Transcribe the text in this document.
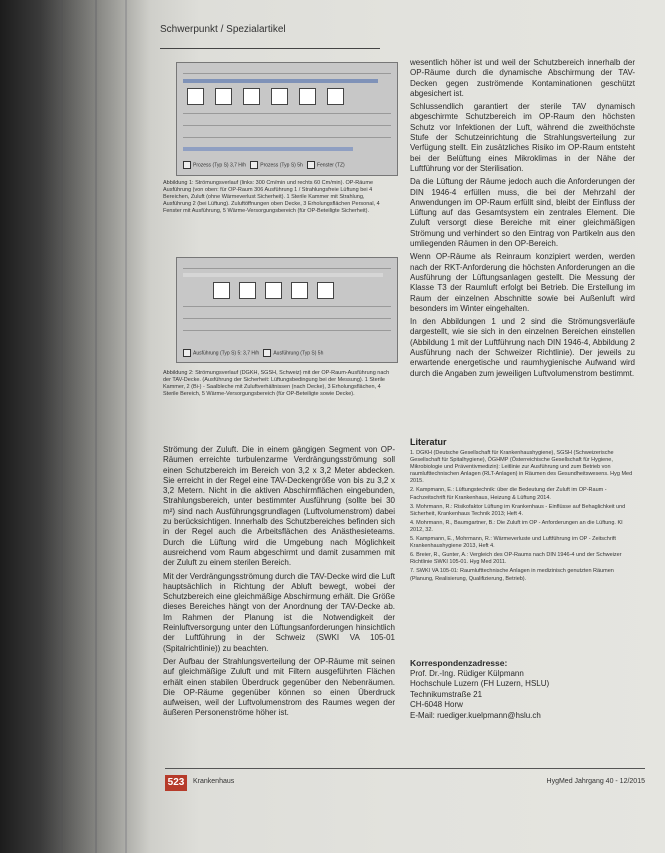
Schwerpunkt / Spezialartikel
Prozess (Typ S) 3,7 H/h	Prozess (Typ S) 5h	Fenster (TZ)
Abbildung 1: Strömungsverlauf (links: 300 Cm/min und rechts 60 Cm/min). OP-Räume Ausführung (von oben: für OP-Raum 306 Ausführung 1 / Strahlungsfreie Lüftung bei 4 Bereichen, Zuluft (ohne Wärmeverlust Sicherheit). 1 Sterile Kammer mit Strahlung, Ausführung 2 (bei Lüftung). Zuluftöffnungen oben Decke, 3 Erholungsflächen Personal, 4 Fenster mit Ausführung, 5 Wärme-Versorgungsbereich (für OP-Beteiligte Sicherheit).
Ausführung (Typ S) 5: 3,7 H/h	Ausführung (Typ S) 5h
Abbildung 2: Strömungsverlauf (DGKH, SGSH, Schweiz) mit der OP-Raum-Ausführung nach der TAV-Decke. (Ausführung der Sicherheit: Lüftungsbedingung bei der Messung). 1 Sterile Kammer, 2 (Bi-) - Saalbleche mit Zuluftverhältnissen (nach Decke), 3 Erholungsflächen, 4 Sterile Bereich, 5 Wärme-Versorgungsbereich (für OP-Beteiligte sowie Decke).

wesentlich höher ist und weil der Schutzbereich innerhalb der OP-Räume durch die dynamische Abschirmung der TAV-Decken gegen zuströmende Kontaminationen geschützt abgesichert ist.

Schlussendlich garantiert der sterile TAV dynamisch abgeschirmte Schutzbereich im OP-Raum den höchsten Schutz vor Infektionen der Luft, während die zweithöchste Stufe der Schutzeinrichtung die Strahlungsverteilung zur Verfügung stellt. Ein zusätzliches Risiko im OP-Raum entsteht bei der Belüftung eines Mikroklimas in der Nähe der Luftführung vor der Sterilisation.

Da die Lüftung der Räume jedoch auch die Anforderungen der DIN 1946-4 erfüllen muss, die bei der Mehrzahl der Anwendungen im OP-Raum erfüllt sind, bleibt der Einfluss der Lüftung auf das Gesamtsystem ein zentrales Element. Die Zuluft versorgt diese Bereiche mit einer gleichmäßigen Strömung und verhindert so den Eintrag von Partikeln aus den umliegenden Räumen in den OP-Bereich.

Wenn OP-Räume als Reinraum konzipiert werden, werden nach der RKT-Anforderung die höchsten Anforderungen an die Ausführung der Lüftungsanlagen gestellt. Die Messung der Klasse T3 der Raumluft erfolgt bei Betrieb. Die Erstellung im Raum der einzelnen Abschnitte sowie bei Außenluft wird besonders im Winter eingehalten.

In den Abbildungen 1 und 2 sind die Strömungsverläufe dargestellt, wie sie sich in den einzelnen Bereichen einstellen (Abbildung 1 mit der Luftführung nach DIN 1946-4, Abbildung 2 Ausführung nach der Schweizer Richtlinie). Der jeweils zu erwartende energetische und raumhygienische Aufwand wird durch die Angaben zum jeweiligen Luftvolumenstrom bestimmt.

Strömung der Zuluft. Die in einem gängigen Segment von OP-Räumen erreichte turbulenzarme Verdrängungsströmung soll einen Schutzbereich im Bereich von 3,2 x 3,2 Meter abdecken. Sie erreicht in der Regel eine TAV-Deckengröße von bis zu 3,2 x 3,2 Metern. Nicht in die aktiven Abschirmflächen eingebunden, Strahlungsbereich, unter bestimmter Ausführung (sollte bei 30 m²) sind nach Ausführungsgrundlagen (Luftvolumenstrom) dabei zu berücksichtigen. Innerhalb des Schutzbereiches befinden sich in der Regel auch die Arbeitsflächen des Anästhesieteams. Durch die Lüftung wird die Umgebung nach Möglichkeit ausreichend vom Raum abgeschirmt und damit zusammen mit der Zuluft zu einem sterilen Bereich.

Mit der Verdrängungsströmung durch die TAV-Decke wird die Luft hauptsächlich in Richtung der Abluft bewegt, wobei der Schutzbereich eine gleichmäßige Abschirmung erhält. Die Größe dieses Bereiches hängt von der Anordnung der TAV-Decke ab. Im Rahmen der Planung ist die Notwendigkeit der Reinluftversorgung unter den Lüftungsanforderungen hinsichtlich der Luftführung in der Schweiz (SWKI VA 105-01 (Spitalrichtlinie)) zu beachten.

Der Aufbau der Strahlungsverteilung der OP-Räume mit seinen auf gleichmäßige Zuluft und mit Filtern ausgeführten Flächen erhält einen stabilen Überdruck gegenüber den Nebenräumen. Die OP-Räume gegenüber können so einen Überdruck aufweisen, weil der Luftvolumenstrom des Raumes wegen der äußeren Personenströme höher ist.

Literatur
1. DGKH (Deutsche Gesellschaft für Krankenhaushygiene), SGSH (Schweizerische Gesellschaft für Spitalhygiene), ÖGHMP (Österreichische Gesellschaft für Hygiene, Mikrobiologie und Präventivmedizin): Leitlinie zur Ausführung und zum Betrieb von raumlufttechnischen Anlagen (RLT-Anlagen) in Räumen des Gesundheitswesens. Hyg Med 2015.
2. Kampmann, E.: Lüftungstechnik: über die Bedeutung der Zuluft im OP-Raum - Fachzeitschrift für Krankenhaus, Heizung & Lüftung 2014.
3. Mohrmann, R.: Risikofaktor Lüftung im Krankenhaus - Einflüsse auf Behaglichkeit und Sicherheit, Krankenhaus Technik 2013; Heft 4.
4. Mohrmann, R., Baumgartner, B.: Die Zuluft im OP - Anforderungen an die Lüftung. KI 2012, 32.
5. Kampmann, E., Mohrmann, R.: Wärmeverluste und Luftführung im OP - Zeitschrift Krankenhaushygiene 2013, Heft 4.
6. Breier, R., Gunter, A.: Vergleich des OP-Raums nach DIN 1946-4 und der Schweizer Richtlinie SWKI 105-01. Hyg Med 2011.
7. SWKI VA 105-01: Raumlufttechnische Anlagen in medizinisch genutzten Räumen (Planung, Realisierung, Qualifizierung, Betrieb).
Korrespondenzadresse:
Prof. Dr.-Ing. Rüdiger Külpmann
Hochschule Luzern (FH Luzern, HSLU)
Technikumstraße 21
CH-6048 Horw
E-Mail: ruediger.kuelpmann@hslu.ch
523	Krankenhaus	HygMed Jahrgang 40 - 12/2015
